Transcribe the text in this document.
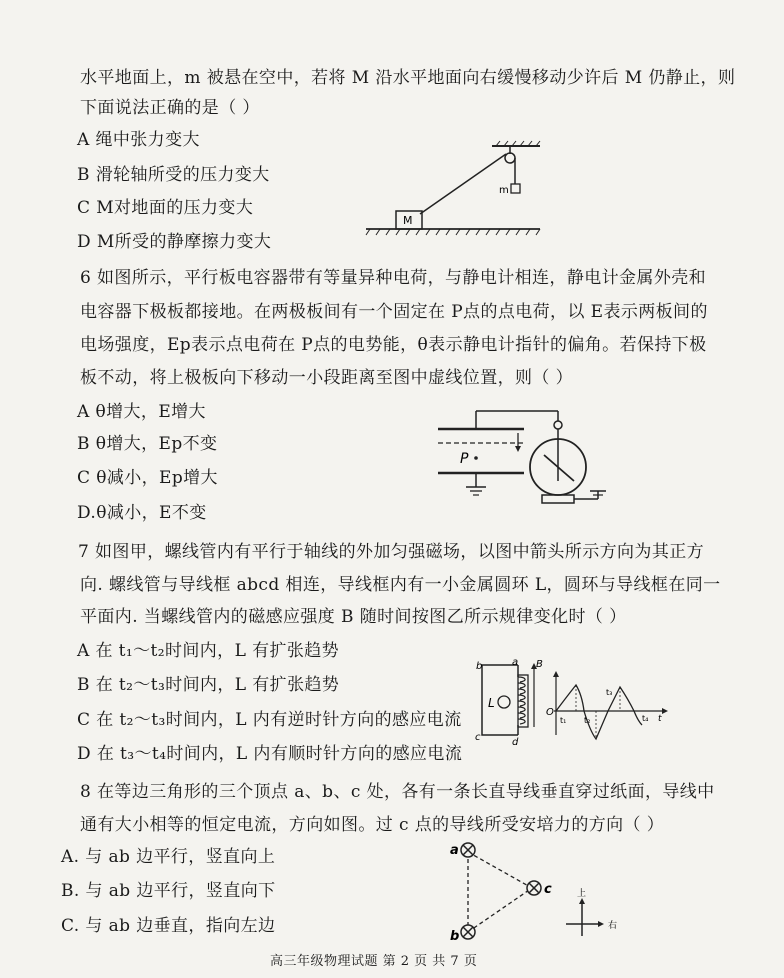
水平地面上，m 被悬在空中，若将 M 沿水平地面向右缓慢移动少许后 M 仍静止，则
下面说法正确的是（ ）
A 绳中张力变大
B 滑轮轴所受的压力变大
C M对地面的压力变大
D M所受的静摩擦力变大
m
M
6 如图所示，平行板电容器带有等量异种电荷，与静电计相连，静电计金属外壳和
电容器下极板都接地。在两极板间有一个固定在 P点的点电荷，以 E表示两板间的
电场强度，Ep表示点电荷在 P点的电势能，θ表示静电计指针的偏角。若保持下极
板不动，将上极板向下移动一小段距离至图中虚线位置，则（ ）
A θ增大，E增大
B θ增大，Ep不变
C θ减小，Ep增大
D.θ减小，E不变
P
7 如图甲，螺线管内有平行于轴线的外加匀强磁场，以图中箭头所示方向为其正方
向. 螺线管与导线框 abcd 相连，导线框内有一小金属圆环 L，圆环与导线框在同一
平面内. 当螺线管内的磁感应强度 B 随时间按图乙所示规律变化时（ ）
A 在 t₁～t₂时间内，L 有扩张趋势
B 在 t₂～t₃时间内，L 有扩张趋势
C 在 t₂～t₃时间内，L 内有逆时针方向的感应电流
D 在 t₃～t₄时间内，L 内有顺时针方向的感应电流
b
c
a
d
L
B
O
t₁ t₂
t₃
t₄ t
8 在等边三角形的三个顶点 a、b、c 处，各有一条长直导线垂直穿过纸面，导线中
通有大小相等的恒定电流，方向如图。过 c 点的导线所受安培力的方向（ ）
A. 与 ab 边平行，竖直向上
B. 与 ab 边平行，竖直向下
C. 与 ab 边垂直，指向左边
a
b
c	上
右
高三年级物理试题 第 2 页 共 7 页
